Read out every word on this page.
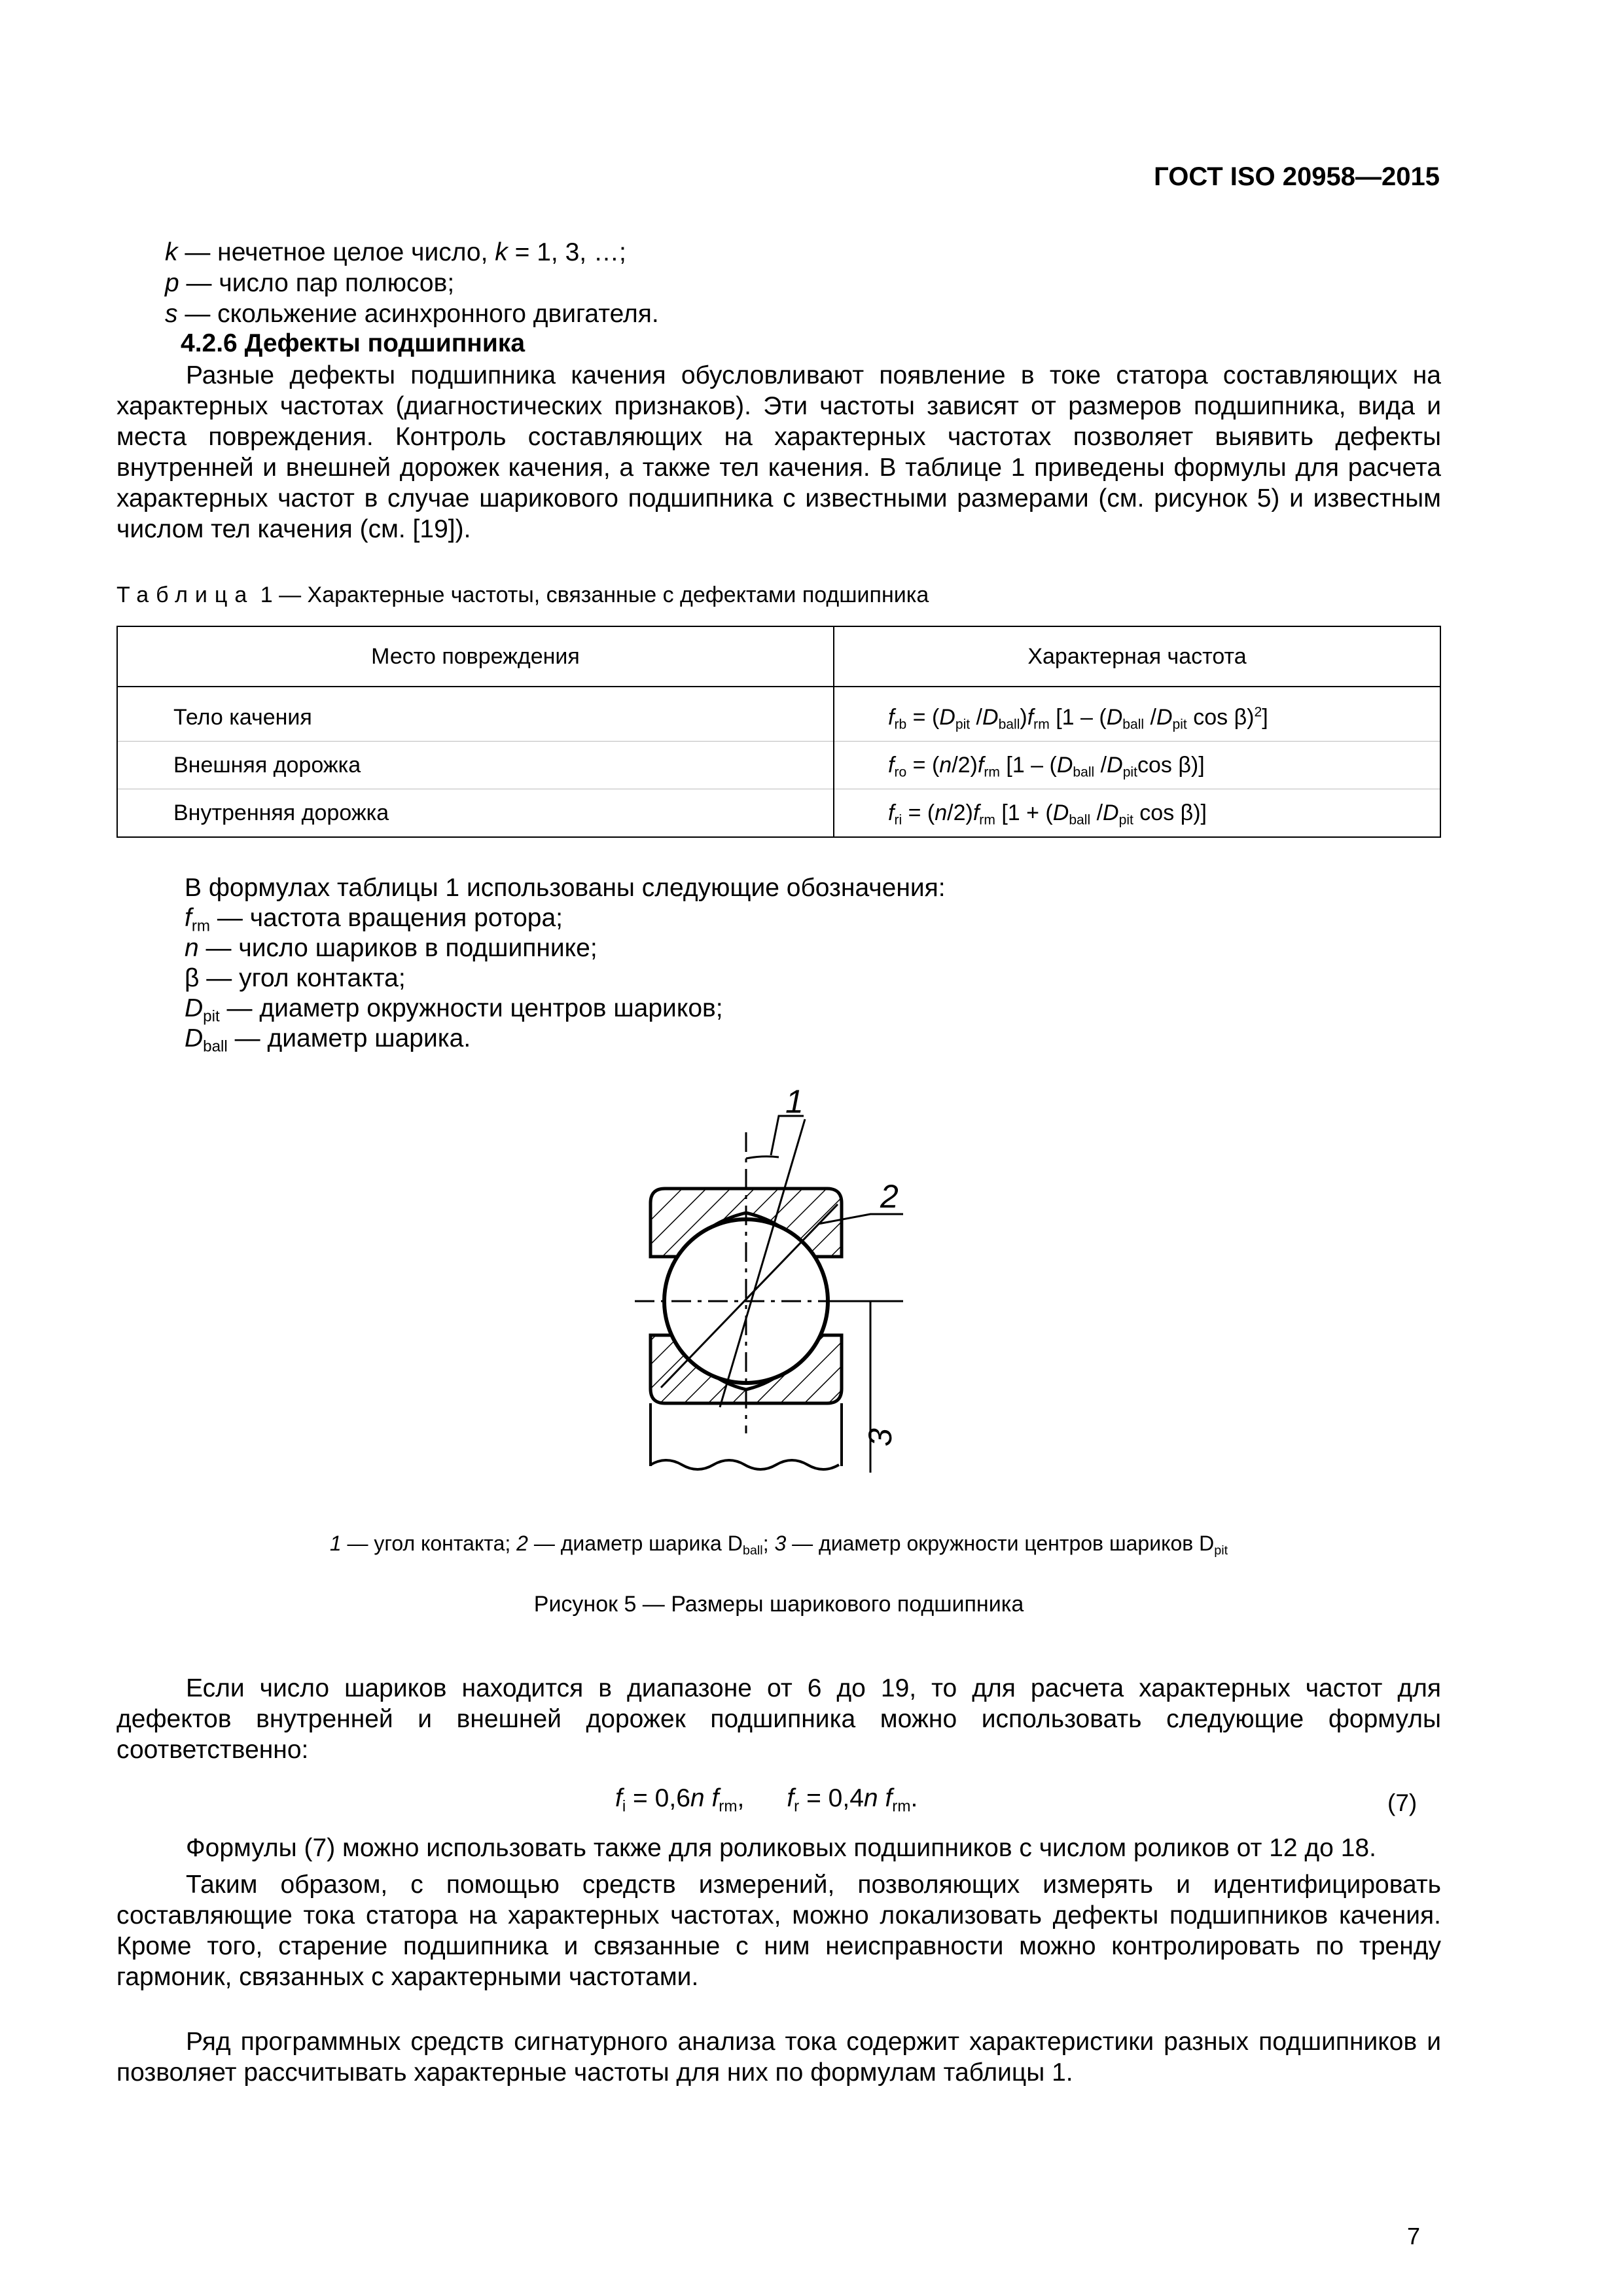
ГОСТ ISO 20958—2015
k — нечетное целое число, k = 1, 3, …;
p — число пар полюсов;
s — скольжение асинхронного двигателя.
4.2.6 Дефекты подшипника
Разные дефекты подшипника качения обусловливают появление в токе статора составляющих на характерных частотах (диагностических признаков). Эти частоты зависят от размеров подшипника, вида и места повреждения. Контроль составляющих на характерных частотах позволяет выявить дефекты внутренней и внешней дорожек качения, а также тел качения. В таблице 1 приведены формулы для расчета характерных частот в случае шарикового подшипника с известными размерами (см. рисунок 5) и известным числом тел качения (см. [19]).
Таблица 1 — Характерные частоты, связанные с дефектами подшипника
Место повреждения	Характерная частота

Тело качения	$f_{rb} = (D_{pit}$ $/D_{ball})f_{rm}$ [$1 - (D_{ball}$ $/D_{pit}$ cos β)$^2$]
Внешняя дорожка	$f_{ro} = (n/2)f_{rm}$ [$1 - (D_{ball}$ $/D_{pit}\cos$ β)]
Внутренняя дорожка	$f_{ri} = (n/2)f_{rm}$ [$1 + (D_{ball}$ $/D_{pit}$ cos β)]
В формулах таблицы 1 использованы следующие обозначения:
$f_{rm}$ — частота вращения ротора;
n — число шариков в подшипнике;
β — угол контакта;
$D_{pit}$ — диаметр окружности центров шариков;
$D_{ball}$ — диаметр шарика.
1
2
3
1 — угол контакта; 2 — диаметр шарика $D_{ball}$; 3 — диаметр окружности центров шариков $D_{pit}$
Рисунок 5 — Размеры шарикового подшипника
Если число шариков находится в диапазоне от 6 до 19, то для расчета характерных частот для дефектов внутренней и внешней дорожек подшипника можно использовать следующие формулы соответственно:
$f_i = 0,6n$ $f_{rm}$,      $f_r = 0,4n$ $f_{rm}$.	(7)
Формулы (7) можно использовать также для роликовых подшипников с числом роликов от 12 до 18.
Таким образом, с помощью средств измерений, позволяющих измерять и идентифицировать составляющие тока статора на характерных частотах, можно локализовать дефекты подшипников качения. Кроме того, старение подшипника и связанные с ним неисправности можно контролировать по тренду гармоник, связанных с характерными частотами.
Ряд программных средств сигнатурного анализа тока содержит характеристики разных подшипников и позволяет рассчитывать характерные частоты для них по формулам таблицы 1.
7
